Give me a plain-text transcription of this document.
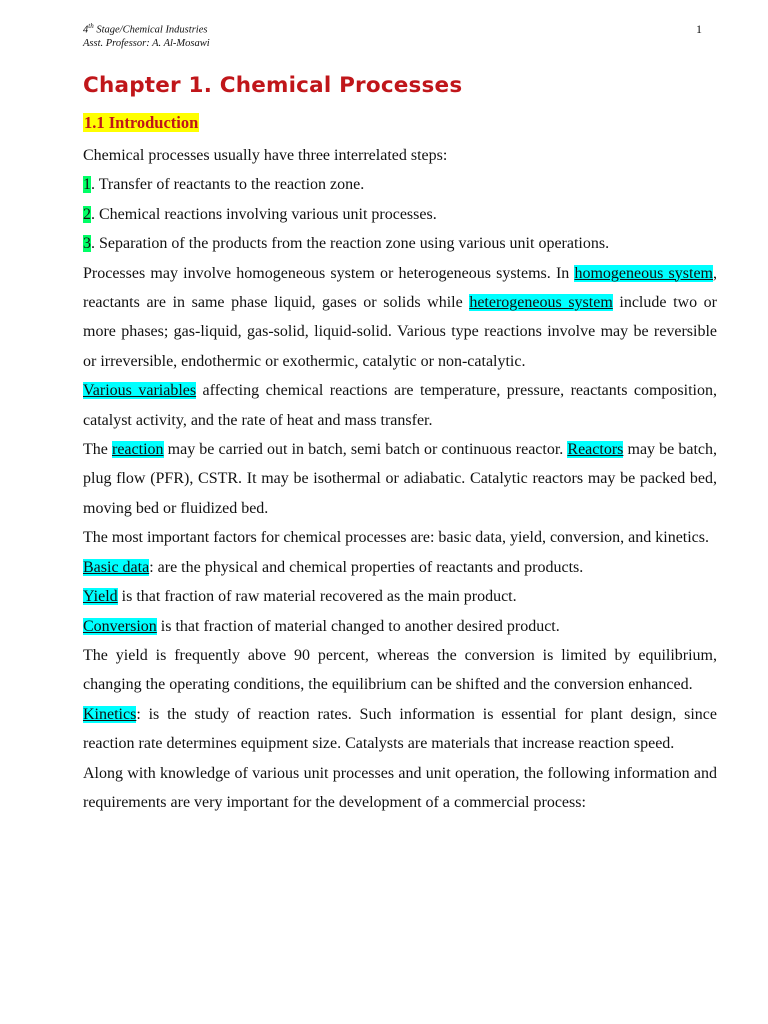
4th Stage/Chemical Industries
Asst. Professor: A. Al-Mosawi
1
Chapter 1. Chemical Processes
1.1 Introduction

Chemical processes usually have three interrelated steps:

1. Transfer of reactants to the reaction zone.

2. Chemical reactions involving various unit processes.

3. Separation of the products from the reaction zone using various unit operations.

Processes may involve homogeneous system or heterogeneous systems. In homogeneous system, reactants are in same phase liquid, gases or solids while heterogeneous system include two or more phases; gas-liquid, gas-solid, liquid-solid. Various type reactions involve may be reversible or irreversible, endothermic or exothermic, catalytic or non-catalytic.

Various variables affecting chemical reactions are temperature, pressure, reactants composition, catalyst activity, and the rate of heat and mass transfer.

The reaction may be carried out in batch, semi batch or continuous reactor. Reactors may be batch, plug flow (PFR), CSTR. It may be isothermal or adiabatic. Catalytic reactors may be packed bed, moving bed or fluidized bed.

The most important factors for chemical processes are: basic data, yield, conversion, and kinetics.

Basic data: are the physical and chemical properties of reactants and products.

Yield is that fraction of raw material recovered as the main product.

Conversion is that fraction of material changed to another desired product.

The yield is frequently above 90 percent, whereas the conversion is limited by equilibrium, changing the operating conditions, the equilibrium can be shifted and the conversion enhanced.

Kinetics: is the study of reaction rates. Such information is essential for plant design, since reaction rate determines equipment size. Catalysts are materials that increase reaction speed.

Along with knowledge of various unit processes and unit operation, the following information and requirements are very important for the development of a commercial process:
